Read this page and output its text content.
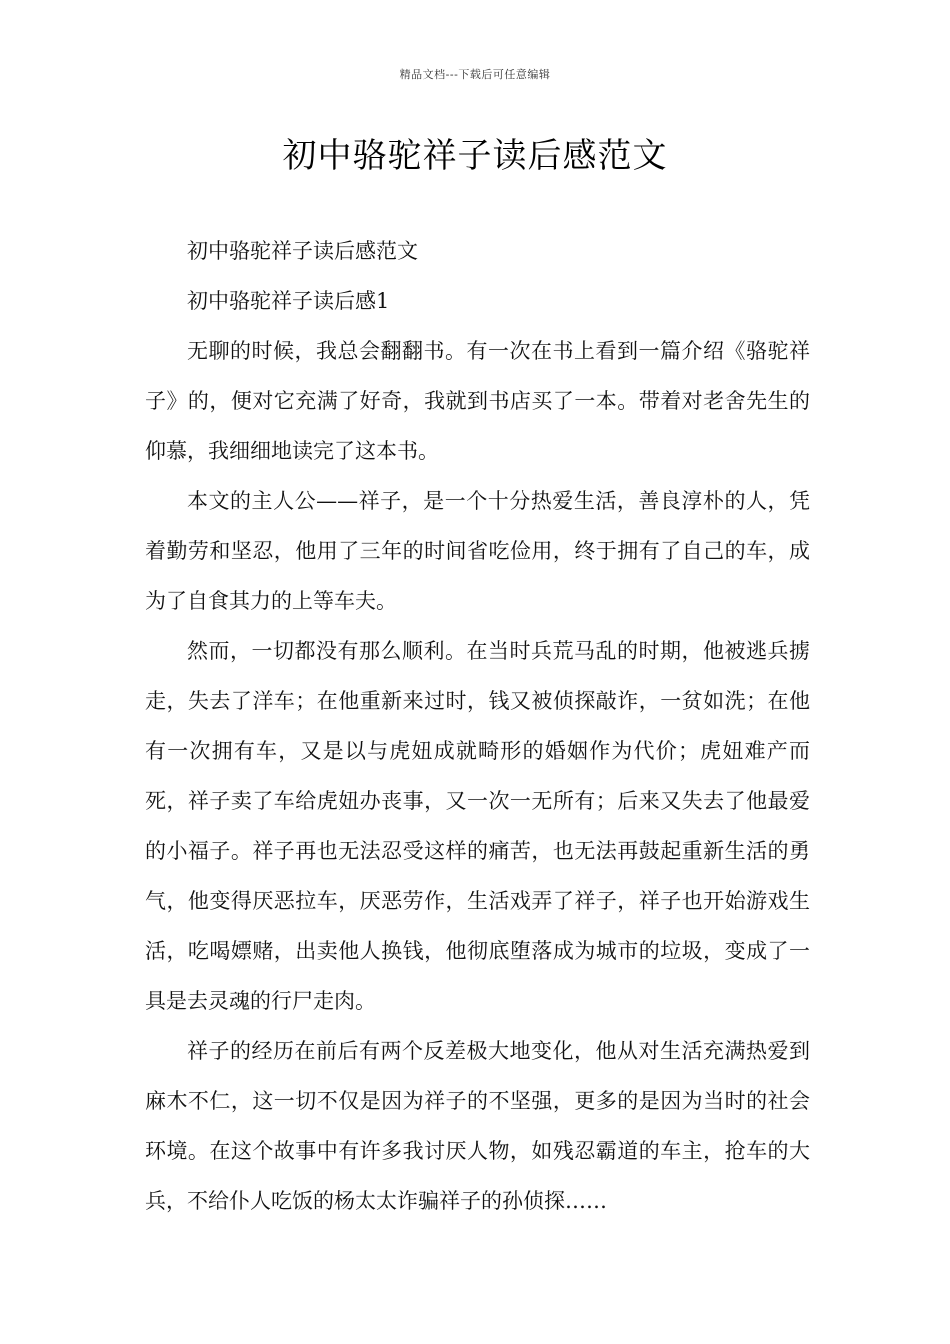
精品文档---下载后可任意编辑
初中骆驼祥子读后感范文

初中骆驼祥子读后感范文

初中骆驼祥子读后感1

无聊的时候，我总会翻翻书。有一次在书上看到一篇介绍《骆驼祥子》的，便对它充满了好奇，我就到书店买了一本。带着对老舍先生的仰慕，我细细地读完了这本书。

本文的主人公——祥子，是一个十分热爱生活，善良淳朴的人，凭着勤劳和坚忍，他用了三年的时间省吃俭用，终于拥有了自己的车，成为了自食其力的上等车夫。

然而，一切都没有那么顺利。在当时兵荒马乱的时期，他被逃兵掳走，失去了洋车；在他重新来过时，钱又被侦探敲诈，一贫如洗；在他有一次拥有车，又是以与虎妞成就畸形的婚姻作为代价；虎妞难产而死，祥子卖了车给虎妞办丧事，又一次一无所有；后来又失去了他最爱的小福子。祥子再也无法忍受这样的痛苦，也无法再鼓起重新生活的勇气，他变得厌恶拉车，厌恶劳作，生活戏弄了祥子，祥子也开始游戏生活，吃喝嫖赌，出卖他人换钱，他彻底堕落成为城市的垃圾，变成了一具是去灵魂的行尸走肉。

祥子的经历在前后有两个反差极大地变化，他从对生活充满热爱到麻木不仁，这一切不仅是因为祥子的不坚强，更多的是因为当时的社会环境。在这个故事中有许多我讨厌人物，如残忍霸道的车主，抢车的大兵，不给仆人吃饭的杨太太诈骗祥子的孙侦探……
